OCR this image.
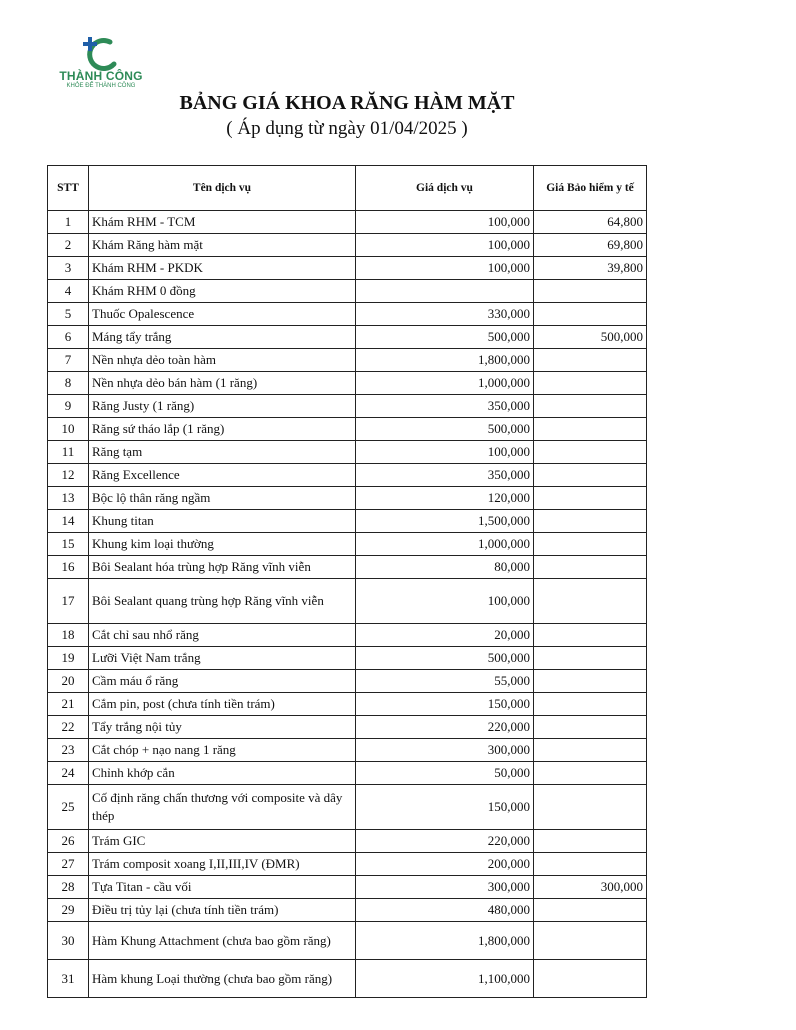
THÀNH CÔNG
KHỎE ĐỂ THÀNH CÔNG
BẢNG GIÁ KHOA RĂNG HÀM MẶT
( Áp dụng từ ngày 01/04/2025 )
STT	Tên dịch vụ	Giá dịch vụ	Giá Bảo hiểm y tế
1	Khám RHM - TCM	100,000	64,800
2	Khám Răng hàm mặt	100,000	69,800
3	Khám RHM - PKDK	100,000	39,800
4	Khám RHM 0 đồng		
5	Thuốc Opalescence	330,000	
6	Máng tẩy trắng	500,000	500,000
7	Nền nhựa dẻo toàn hàm	1,800,000	
8	Nền nhựa dẻo bán hàm (1 răng)	1,000,000	
9	Răng Justy (1 răng)	350,000	
10	Răng sứ tháo lắp (1 răng)	500,000	
11	Răng tạm	100,000	
12	Răng Excellence	350,000	
13	Bộc lộ thân răng ngầm	120,000	
14	Khung titan	1,500,000	
15	Khung kim loại thường	1,000,000	
16	Bôi Sealant hóa trùng hợp Răng vĩnh viễn	80,000	
17	Bôi Sealant quang trùng hợp Răng vĩnh viễn	100,000	
18	Cắt chỉ sau nhổ răng	20,000	
19	Lưỡi Việt Nam trắng	500,000	
20	Cầm máu ổ răng	55,000	
21	Cắm pin, post (chưa tính tiền trám)	150,000	
22	Tẩy trắng nội tủy	220,000	
23	Cắt chóp + nạo nang 1 răng	300,000	
24	Chỉnh khớp cắn	50,000	
25	Cố định răng chấn thương với composite và dây thép	150,000	
26	Trám GIC	220,000	
27	Trám composit xoang I,II,III,IV (ĐMR)	200,000	
28	Tựa Titan - cầu vối	300,000	300,000
29	Điều trị tủy lại (chưa tính tiền trám)	480,000	
30	Hàm Khung Attachment (chưa bao gồm răng)	1,800,000	
31	Hàm khung Loại thường (chưa bao gồm răng)	1,100,000	
